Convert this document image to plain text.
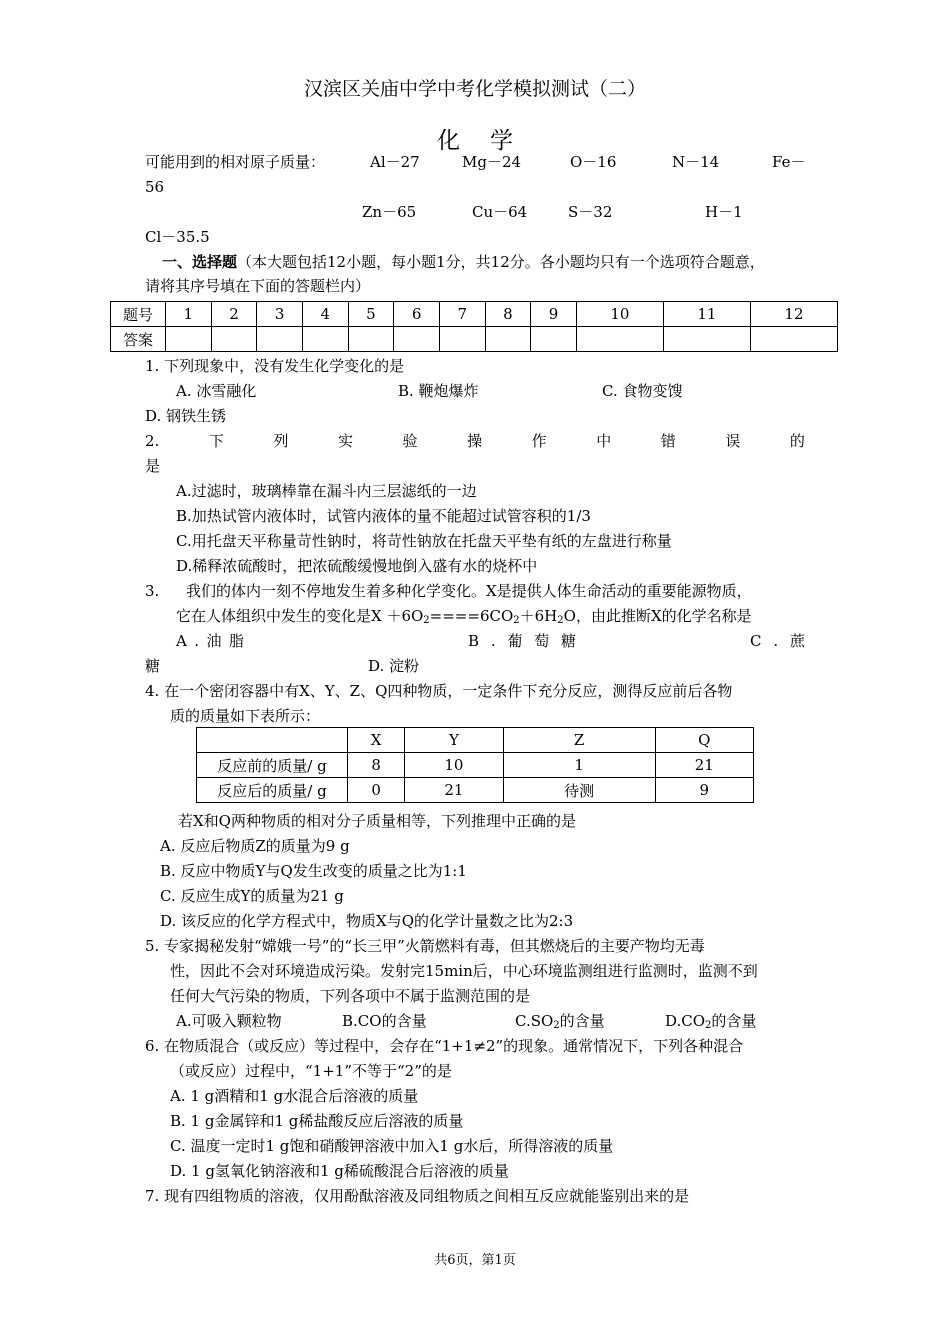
汉滨区关庙中学中考化学模拟测试（二）
化学
可能用到的相对原子质量：	Al－27	Mg－24	O－16	N－14	Fe－
56
Zn－65	Cu－64	S－32	H－1
Cl－35.5
一、选择题（本大题包括12小题，每小题1分，共12分。各小题均只有一个选项符合题意，
请将其序号填在下面的答题栏内）
题号	1	2	3	4	5	6	7	8	9	10	11	12
答案												
1. 下列现象中，没有发生化学变化的是
A. 冰雪融化	B. 鞭炮爆炸	C. 食物变馊
D. 钢铁生锈
2.	下	列	实	验	操	作	中	错	误	的
是
A.过滤时，玻璃棒靠在漏斗内三层滤纸的一边
B.加热试管内液体时，试管内液体的量不能超过试管容积的1/3
C.用托盘天平称量苛性钠时，将苛性钠放在托盘天平垫有纸的左盘进行称量
D.稀释浓硫酸时，把浓硫酸缓慢地倒入盛有水的烧杯中
3. 我们的体内一刻不停地发生着多种化学变化。X是提供人体生命活动的重要能源物质，
它在人体组织中发生的变化是$X +6O_2====6CO_2+6H_2O$，由此推断X的化学名称是
A . 油 脂	B . 葡 萄 糖	C . 蔗
糖	D. 淀粉
4. 在一个密闭容器中有X、Y、Z、Q四种物质，一定条件下充分反应，测得反应前后各物
质的质量如下表所示：
	X	Y	Z	Q
反应前的质量/ g	8	10	1	21
反应后的质量/ g	0	21	待测	9
若X和Q两种物质的相对分子质量相等，下列推理中正确的是
A. 反应后物质Z的质量为9 g
B. 反应中物质Y与Q发生改变的质量之比为1:1
C. 反应生成Y的质量为21 g
D. 该反应的化学方程式中，物质X与Q的化学计量数之比为2:3
5. 专家揭秘发射“嫦娥一号”的“长三甲”火箭燃料有毒，但其燃烧后的主要产物均无毒
性，因此不会对环境造成污染。发射完15min后，中心环境监测组进行监测时，监测不到
任何大气污染的物质，下列各项中不属于监测范围的是
A.可吸入颗粒物	B.CO的含量	$C.SO_2$的含量	$D.CO_2$的含量
6. 在物质混合（或反应）等过程中，会存在“1+1≠2”的现象。通常情况下，下列各种混合
（或反应）过程中，“1+1”不等于“2”的是
A. 1 g酒精和1 g水混合后溶液的质量
B. 1 g金属锌和1 g稀盐酸反应后溶液的质量
C. 温度一定时1 g饱和硝酸钾溶液中加入1 g水后，所得溶液的质量
D. 1 g氢氧化钠溶液和1 g稀硫酸混合后溶液的质量
7. 现有四组物质的溶液，仅用酚酞溶液及同组物质之间相互反应就能鉴别出来的是
共6页，第1页
